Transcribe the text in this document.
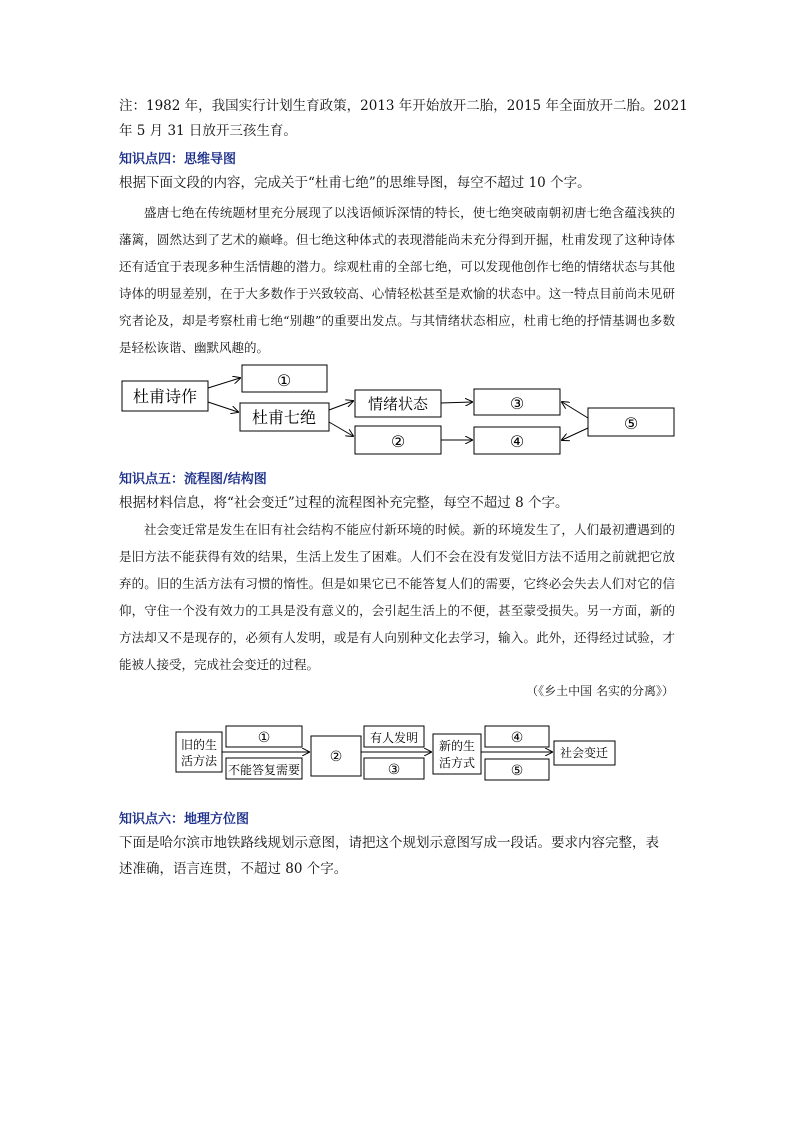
注：1982 年，我国实行计划生育政策，2013 年开始放开二胎，2015 年全面放开二胎。2021
年 5 月 31 日放开三孩生育。
知识点四：思维导图
根据下面文段的内容，完成关于“杜甫七绝”的思维导图，每空不超过 10 个字。

盛唐七绝在传统题材里充分展现了以浅语倾诉深情的特长，使七绝突破南朝初唐七绝含蕴浅狭的藩篱，圆然达到了艺术的巅峰。但七绝这种体式的表现潜能尚未充分得到开掘，杜甫发现了这种诗体还有适宜于表现多种生活情趣的潜力。综观杜甫的全部七绝，可以发现他创作七绝的情绪状态与其他诗体的明显差别，在于大多数作于兴致较高、心情轻松甚至是欢愉的状态中。这一特点目前尚未见研究者论及，却是考察杜甫七绝“别趣”的重要出发点。与其情绪状态相应，杜甫七绝的抒情基调也多数是轻松诙谐、幽默风趣的。

杜甫诗作
杜甫七绝
情绪状态
①
②
③
④
⑤
旧的生
活方法
①
不能答复需要
②
有人发明
③
新的生
活方式
④
⑤
社会变迁
知识点五：流程图/结构图
根据材料信息，将“社会变迁”过程的流程图补充完整，每空不超过 8 个字。

社会变迁常是发生在旧有社会结构不能应付新环境的时候。新的环境发生了，人们最初遭遇到的是旧方法不能获得有效的结果，生活上发生了困难。人们不会在没有发觉旧方法不适用之前就把它放弃的。旧的生活方法有习惯的惰性。但是如果它已不能答复人们的需要，它终必会失去人们对它的信仰，守住一个没有效力的工具是没有意义的，会引起生活上的不便，甚至蒙受损失。另一方面，新的方法却又不是现存的，必须有人发明，或是有人向别种文化去学习，输入。此外，还得经过试验，才能被人接受，完成社会变迁的过程。

（《乡土中国 名实的分离》）
知识点六：地理方位图
下面是哈尔滨市地铁路线规划示意图，请把这个规划示意图写成一段话。要求内容完整，表
述准确，语言连贯，不超过 80 个字。
